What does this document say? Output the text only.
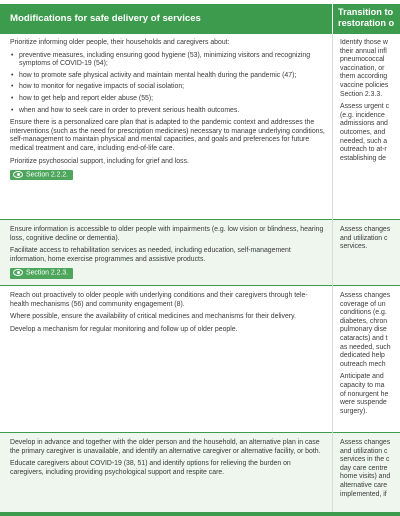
Modifications for safe delivery of services
Transition to
restoration o

Prioritize informing older people, their households and caregivers about:

• preventive measures, including ensuring good hygiene (53), minimizing visitors and recognizing symptoms of COVID-19 (54);
• how to promote safe physical activity and maintain mental health during the pandemic (47);
• how to monitor for negative impacts of social isolation;
• how to get help and report elder abuse (55);
• when and how to seek care in order to prevent serious health outcomes.

Ensure there is a personalized care plan that is adapted to the pandemic context and addresses the interventions (such as the need for prescription medicines) necessary to manage underlying conditions, self-management to maintain physical and mental capacities, and goals and preferences for future medical treatment and care, including end-of-life care.

Prioritize psychosocial support, including for grief and loss.

Section 2.2.2.

Identify those w
their annual infl
pneumococcal
vaccination, or
them according
vaccine policies
Section 2.3.3.

Assess urgent c
(e.g. incidence
admissions and
outcomes, and
needed, such a
outreach to at-r
establishing de

Ensure information is accessible to older people with impairments (e.g. low vision or blindness, hearing loss, cognitive decline or dementia).

Facilitate access to rehabilitation services as needed, including education, self-management information, home exercise programmes and assistive products.

Section 2.2.3.

Assess changes
and utilization c
services.

Reach out proactively to older people with underlying conditions and their caregivers through tele-health mechanisms (56) and community engagement (8).

Where possible, ensure the availability of critical medicines and mechanisms for their delivery.

Develop a mechanism for regular monitoring and follow up of older people.

Assess changes
coverage of un
conditions (e.g.
diabetes, chron
pulmonary dise
cataracts) and t
as needed, such
dedicated help
outreach mech

Anticipate and
capacity to ma
of nonurgent he
were suspende
surgery).

Develop in advance and together with the older person and the household, an alternative plan in case the primary caregiver is unavailable, and identify an alternative caregiver or alternative facility, or both.

Educate caregivers about COVID-19 (38, 51) and identify options for relieving the burden on caregivers, including providing psychological support and respite care.

Assess changes
and utilization c
services in the c
day care centre
home visits) and
alternative care
implemented, if
